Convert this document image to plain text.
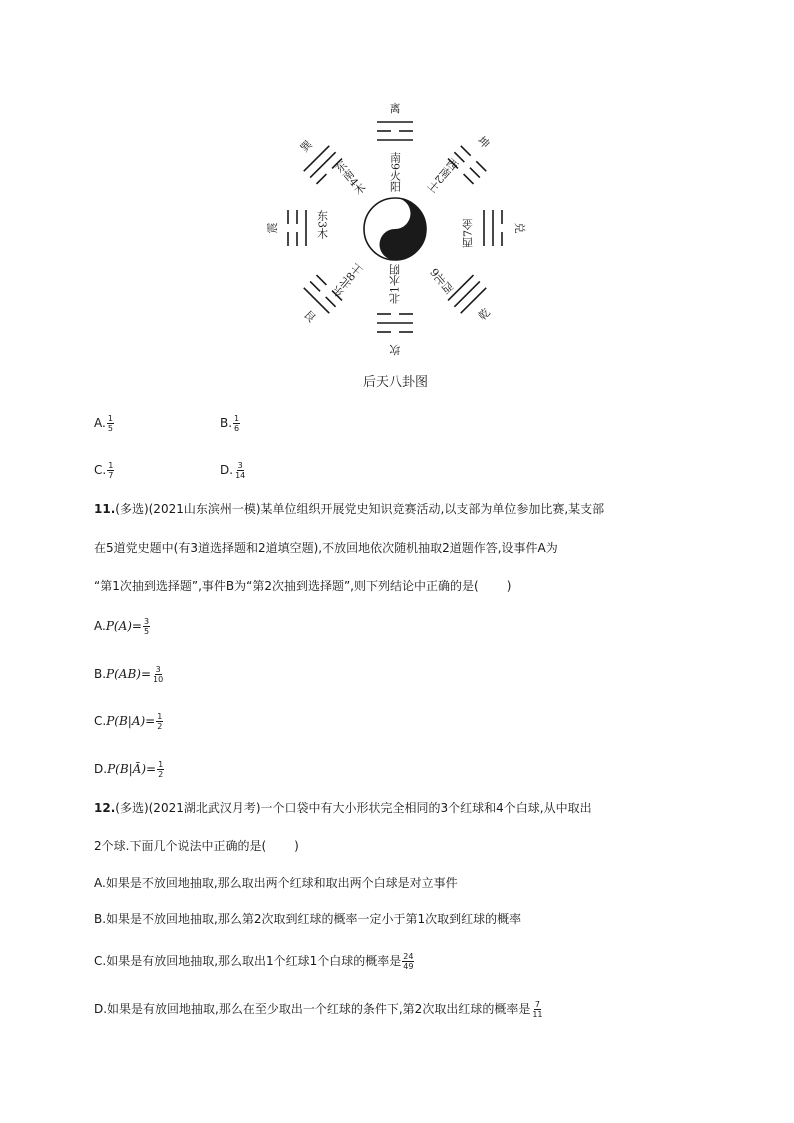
离
坎
震	兑
巽	坤
艮	乾
南9火阳
北1水阴
东3木	西7金
东南4木	西南2土
东北8土	西北6
后天八卦图
A. $\frac{1}{5}$	B. $\frac{1}{6}$
C. $\frac{1}{7}$	D. $\frac{3}{14}$
11.(多选)(2021山东滨州一模)某单位组织开展党史知识竞赛活动,以支部为单位参加比赛,某支部
在5道党史题中(有3道选择题和2道填空题),不放回地依次随机抽取2道题作答,设事件A为
“第1次抽到选择题”,事件B为“第2次抽到选择题”,则下列结论中正确的是( )
$A.P(A)= \frac{3}{5}$
$B.P(AB)= \frac{3}{10}$
$C.P(B|A)= \frac{1}{2}$
D.P(B|Ā)= $\frac{1}{2}$
12.(多选)(2021湖北武汉月考)一个口袋中有大小形状完全相同的3个红球和4个白球,从中取出
2个球.下面几个说法中正确的是( )
A.如果是不放回地抽取,那么取出两个红球和取出两个白球是对立事件
B.如果是不放回地抽取,那么第2次取到红球的概率一定小于第1次取到红球的概率
C.如果是有放回地抽取,那么取出1个红球1个白球的概率是 $\frac{24}{49}$
D.如果是有放回地抽取,那么在至少取出一个红球的条件下,第2次取出红球的概率是 $\frac{7}{11}$
